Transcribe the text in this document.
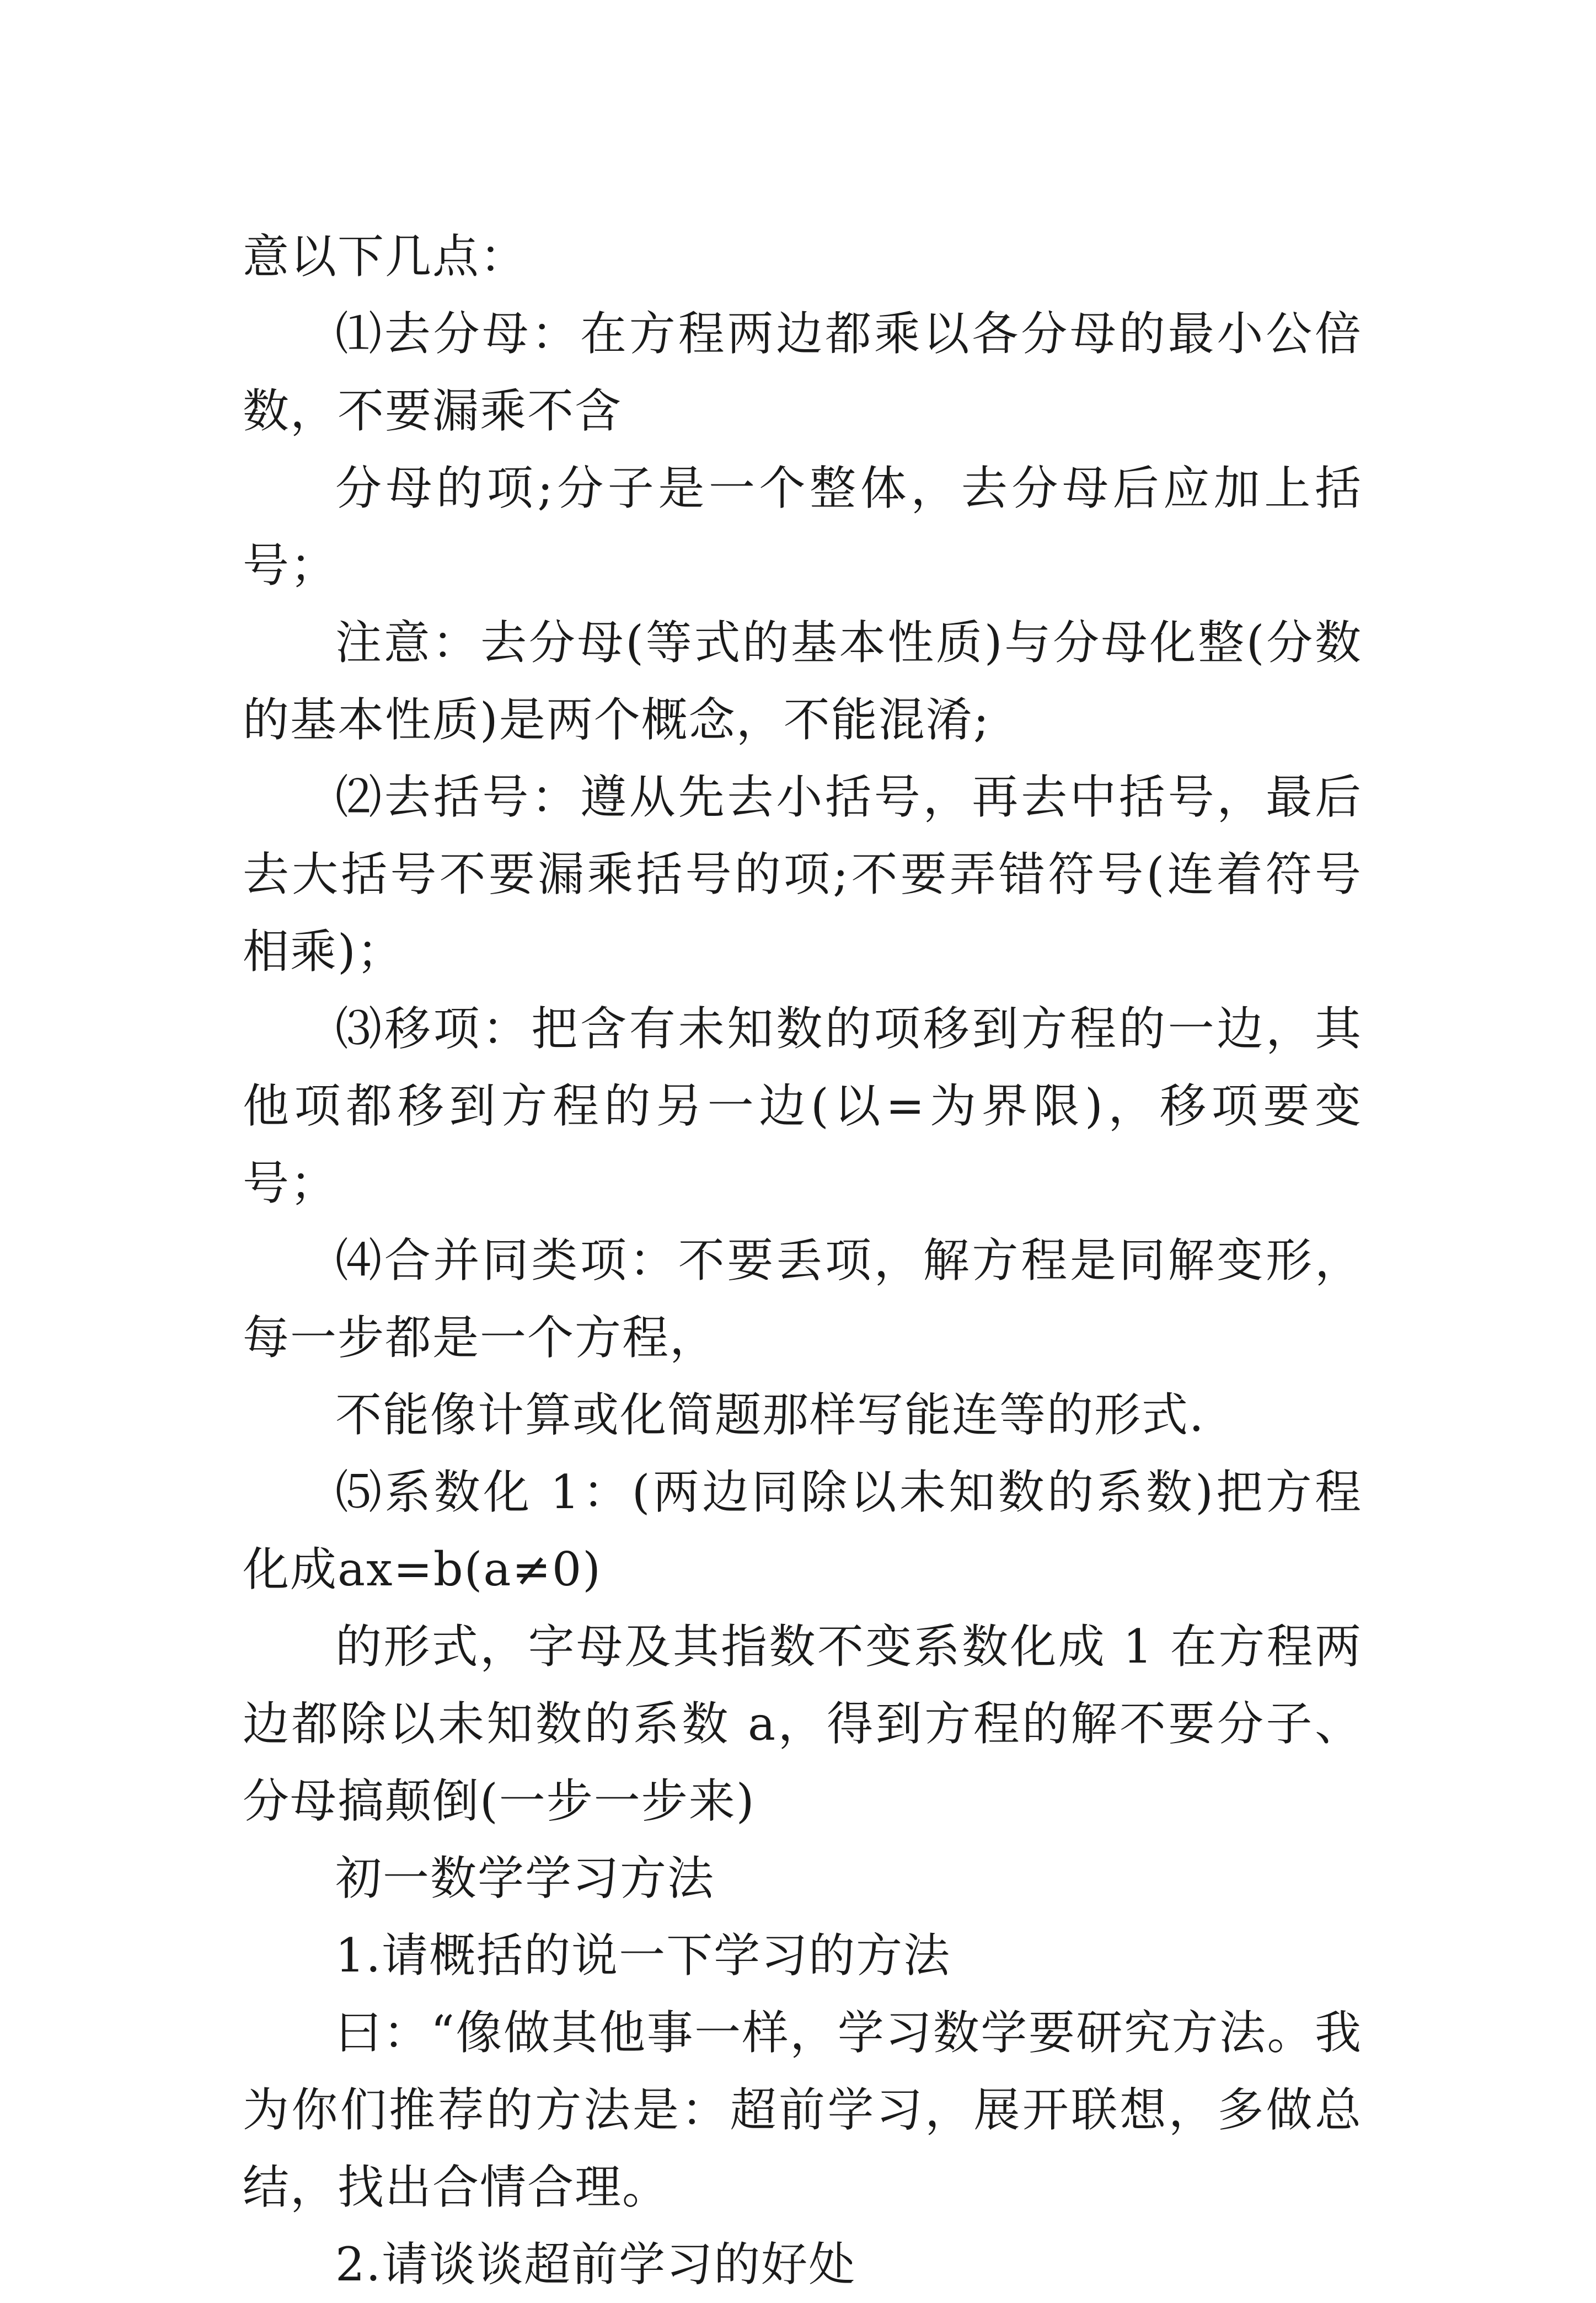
意以下几点：

⑴去分母：在方程两边都乘以各分母的最小公倍数，不要漏乘不含

分母的项;分子是一个整体，去分母后应加上括号；

注意：去分母(等式的基本性质)与分母化整(分数的基本性质)是两个概念，不能混淆;

⑵去括号：遵从先去小括号，再去中括号，最后去大括号不要漏乘括号的项;不要弄错符号(连着符号相乘)；

⑶移项：把含有未知数的项移到方程的一边，其他项都移到方程的另一边(以=为界限)，移项要变号；

⑷合并同类项：不要丢项，解方程是同解变形，每一步都是一个方程，

不能像计算或化简题那样写能连等的形式.

⑸系数化 1：(两边同除以未知数的系数)把方程化成ax=b(a≠0)

的形式，字母及其指数不变系数化成 1 在方程两边都除以未知数的系数 a，得到方程的解不要分子、分母搞颠倒(一步一步来)

初一数学学习方法

1.请概括的说一下学习的方法

曰：“像做其他事一样，学习数学要研究方法。我为你们推荐的方法是：超前学习，展开联想，多做总结，找出合情合理。

2.请谈谈超前学习的好处
